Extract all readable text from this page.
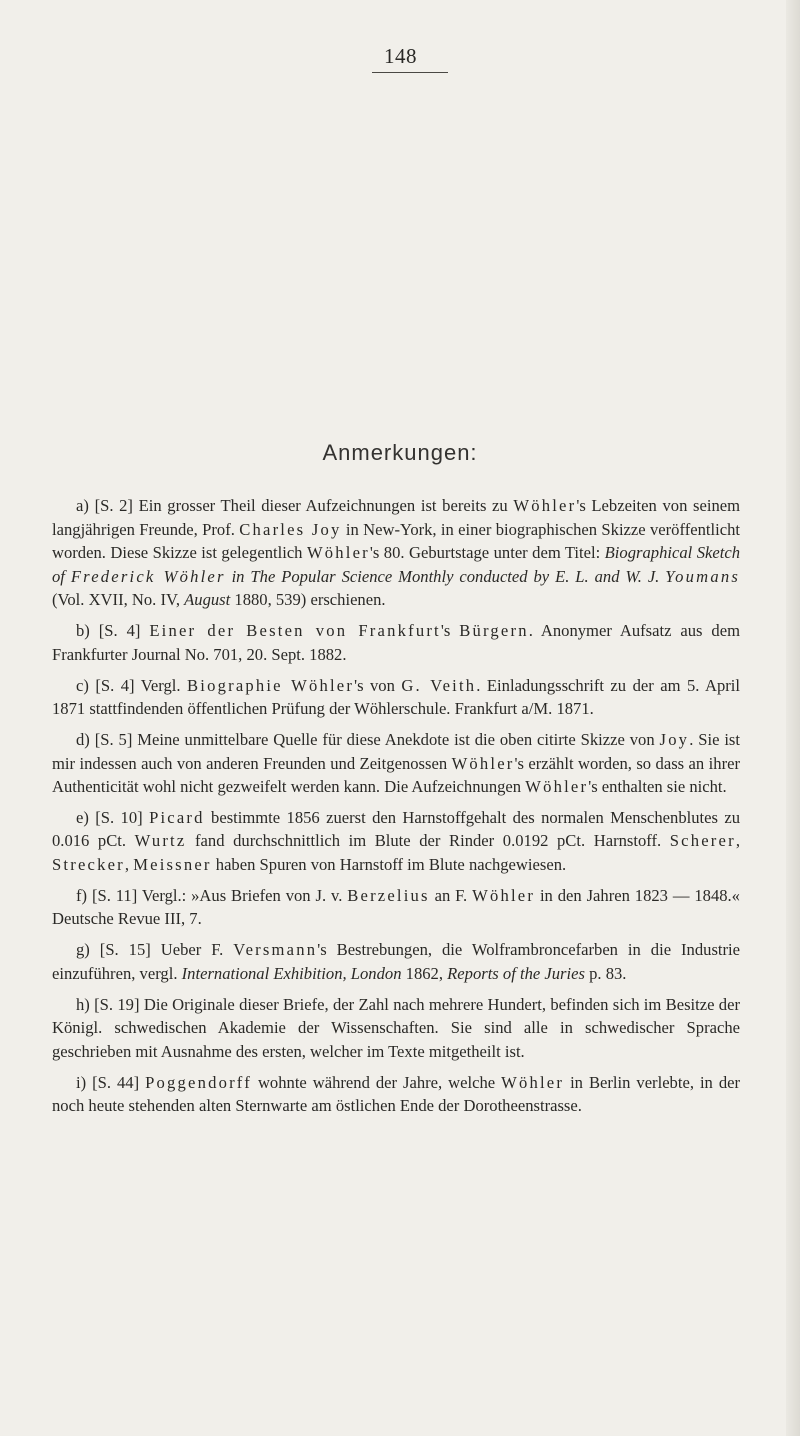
148
Anmerkungen:

a) [S. 2] Ein grosser Theil dieser Aufzeichnungen ist bereits zu Wöhler's Lebzeiten von seinem langjährigen Freunde, Prof. Charles Joy in New-York, in einer biographischen Skizze veröffentlicht worden. Diese Skizze ist gelegentlich Wöhler's 80. Geburtstage unter dem Titel: Biographical Sketch of Frederick Wöhler in The Popular Science Monthly conducted by E. L. and W. J. Youmans (Vol. XVII, No. IV, August 1880, 539) erschienen.

b) [S. 4] Einer der Besten von Frankfurt's Bürgern. Anonymer Aufsatz aus dem Frankfurter Journal No. 701, 20. Sept. 1882.

c) [S. 4] Vergl. Biographie Wöhler's von G. Veith. Einladungsschrift zu der am 5. April 1871 stattfindenden öffentlichen Prüfung der Wöhlerschule. Frankfurt a/M. 1871.

d) [S. 5] Meine unmittelbare Quelle für diese Anekdote ist die oben citirte Skizze von Joy. Sie ist mir indessen auch von anderen Freunden und Zeitgenossen Wöhler's erzählt worden, so dass an ihrer Authenticität wohl nicht gezweifelt werden kann. Die Aufzeichnungen Wöhler's enthalten sie nicht.

e) [S. 10] Picard bestimmte 1856 zuerst den Harnstoffgehalt des normalen Menschenblutes zu 0.016 pCt. Wurtz fand durchschnittlich im Blute der Rinder 0.0192 pCt. Harnstoff. Scherer, Strecker, Meissner haben Spuren von Harnstoff im Blute nachgewiesen.

f) [S. 11] Vergl.: »Aus Briefen von J. v. Berzelius an F. Wöhler in den Jahren 1823 — 1848.« Deutsche Revue III, 7.

g) [S. 15] Ueber F. Versmann's Bestrebungen, die Wolframbroncefarben in die Industrie einzuführen, vergl. International Exhibition, London 1862, Reports of the Juries p. 83.

h) [S. 19] Die Originale dieser Briefe, der Zahl nach mehrere Hundert, befinden sich im Besitze der Königl. schwedischen Akademie der Wissenschaften. Sie sind alle in schwedischer Sprache geschrieben mit Ausnahme des ersten, welcher im Texte mitgetheilt ist.

i) [S. 44] Poggendorff wohnte während der Jahre, welche Wöhler in Berlin verlebte, in der noch heute stehenden alten Sternwarte am östlichen Ende der Dorotheenstrasse.
